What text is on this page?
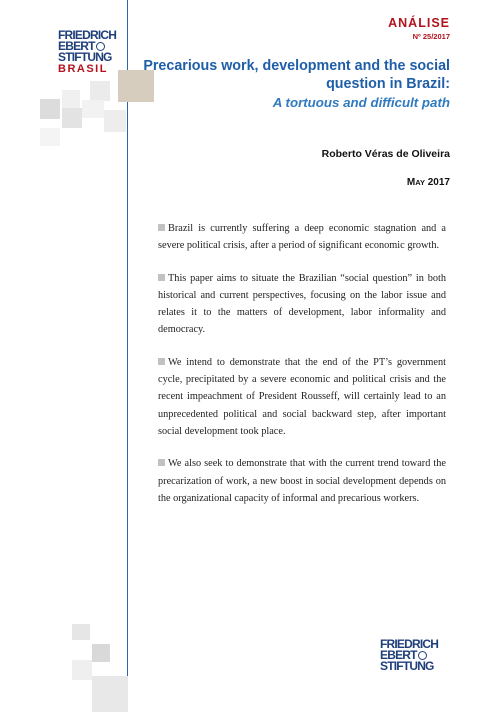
FRIEDRICH
EBERT
STIFTUNG
BRASIL
ANÁLISE
Nº 25/2017
Precarious work, development and the social question in Brazil:
A tortuous and difficult path
Roberto Véras de Oliveira
MAY 2017

Brazil is currently suffering a deep economic stagnation and a severe political crisis, after a period of significant economic growth.

This paper aims to situate the Brazilian “social question” in both historical and current perspectives, focusing on the labor issue and relates it to the matters of development, labor informality and democracy.

We intend to demonstrate that the end of the PT’s government cycle, precipitated by a severe economic and political crisis and the recent impeachment of President Rousseff, will certainly lead to an unprecedented political and social backward step, after important social development took place.

We also seek to demonstrate that with the current trend toward the precarization of work, a new boost in social development depends on the organizational capacity of informal and precarious workers.

FRIEDRICH
EBERT
STIFTUNG
